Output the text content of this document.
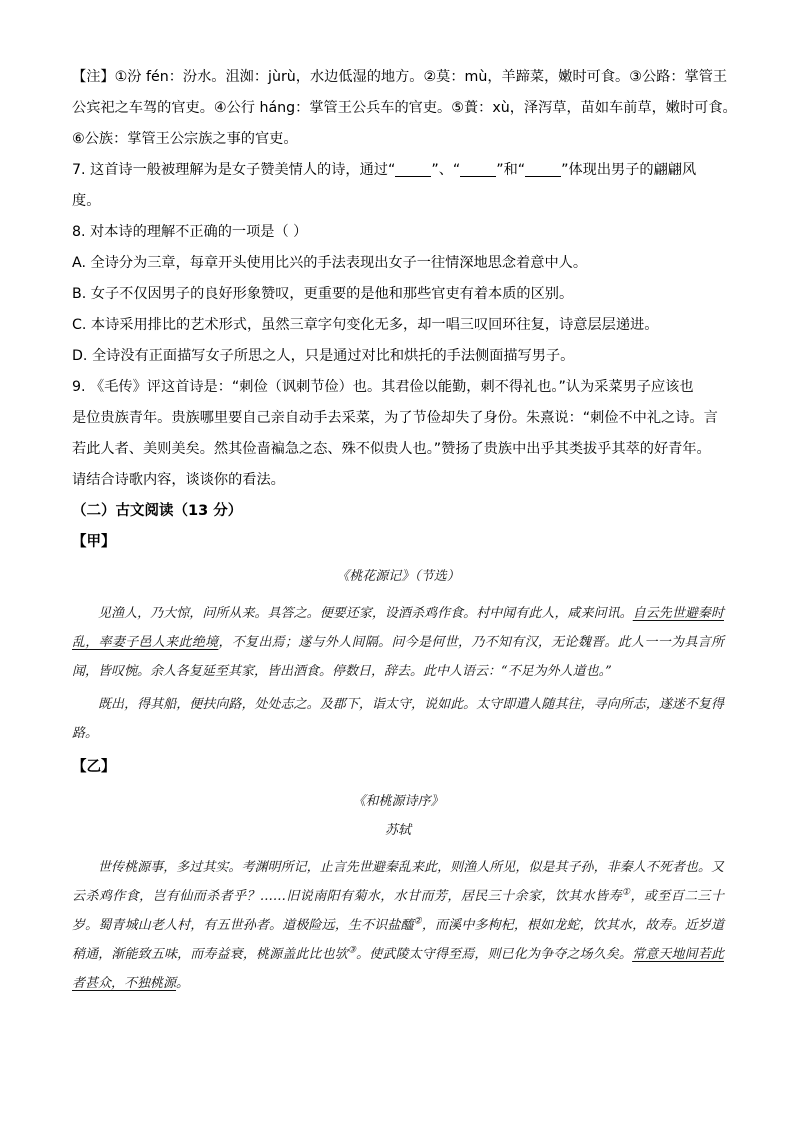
【注】①汾 fén：汾水。沮洳：jùrù，水边低湿的地方。②莫：mù，羊蹄菜，嫩时可食。③公路：掌管王

公宾祀之车驾的官吏。④公行 háng：掌管王公兵车的官吏。⑤蕢：xù，泽泻草，苗如车前草，嫩时可食。

⑥公族：掌管王公宗族之事的官吏。

7. 这首诗一般被理解为是女子赞美情人的诗，通过“	”、“	”和“	”体现出男子的翩翩风

度。

8. 对本诗的理解不正确的一项是（ ）

A. 全诗分为三章，每章开头使用比兴的手法表现出女子一往情深地思念着意中人。

B. 女子不仅因男子的良好形象赞叹，更重要的是他和那些官吏有着本质的区别。

C. 本诗采用排比的艺术形式，虽然三章字句变化无多，却一唱三叹回环往复，诗意层层递进。

D. 全诗没有正面描写女子所思之人，只是通过对比和烘托的手法侧面描写男子。

9. 《毛传》评这首诗是：“刺俭（讽刺节俭）也。其君俭以能勤，刺不得礼也。”认为采菜男子应该也

是位贵族青年。贵族哪里要自己亲自动手去采菜，为了节俭却失了身份。朱熹说：“刺俭不中礼之诗。言

若此人者、美则美矣。然其俭啬褊急之态、殊不似贵人也。”赞扬了贵族中出乎其类拔乎其萃的好青年。

请结合诗歌内容，谈谈你的看法。

（二）古文阅读（13 分）

【甲】

《桃花源记》（节选）

见渔人，乃大惊，问所从来。具答之。便要还家，设酒杀鸡作食。村中闻有此人，咸来问讯。自云先世避秦时乱，率妻子邑人来此绝境，不复出焉；遂与外人间隔。问今是何世，乃不知有汉，无论魏晋。此人一一为具言所闻，皆叹惋。余人各复延至其家，皆出酒食。停数日，辞去。此中人语云：“不足为外人道也。”

既出，得其船，便扶向路，处处志之。及郡下，诣太守，说如此。太守即遣人随其往，寻向所志，遂迷不复得路。

【乙】

《和桃源诗序》

苏轼

世传桃源事，多过其实。考渊明所记，止言先世避秦乱来此，则渔人所见，似是其子孙，非秦人不死者也。又云杀鸡作食，岂有仙而杀者乎？……旧说南阳有菊水，水甘而芳，居民三十余家，饮其水皆寿①，或至百二三十岁。蜀青城山老人村，有五世孙者。道极险远，生不识盐醯②，而溪中多枸杞，根如龙蛇，饮其水，故寿。近岁道稍通，渐能致五味，而寿益衰，桃源盖此比也欤③。使武陵太守得至焉，则已化为争夺之场久矣。常意天地间若此者甚众，不独桃源。
